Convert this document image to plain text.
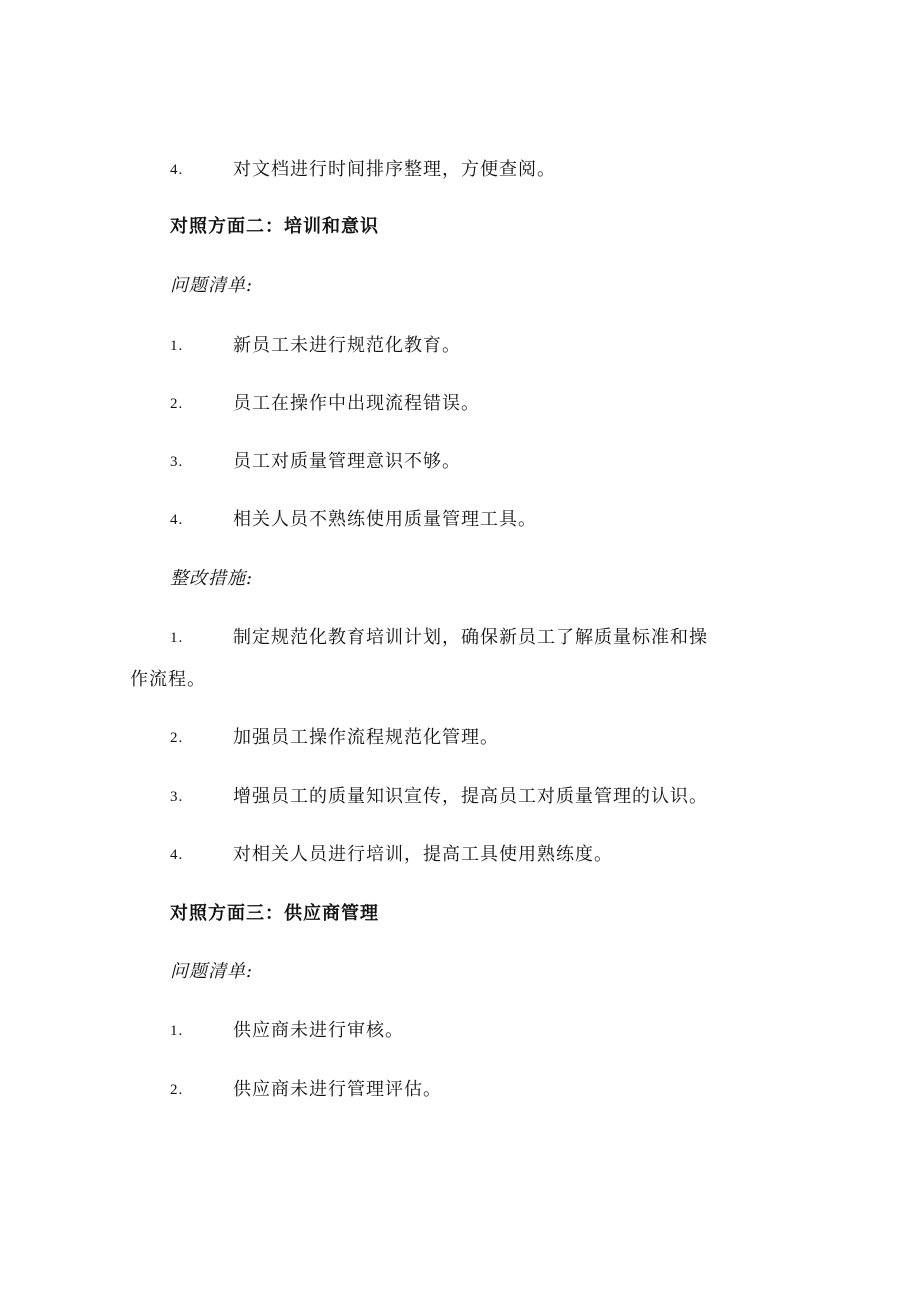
4.	对文档进行时间排序整理，方便查阅。
对照方面二：培训和意识
问题清单:
1.	新员工未进行规范化教育。
2.	员工在操作中出现流程错误。
3.	员工对质量管理意识不够。
4.	相关人员不熟练使用质量管理工具。
整改措施:
1.	制定规范化教育培训计划，确保新员工了解质量标准和操
作流程。
2.	加强员工操作流程规范化管理。
3.	增强员工的质量知识宣传，提高员工对质量管理的认识。
4.	对相关人员进行培训，提高工具使用熟练度。
对照方面三：供应商管理
问题清单:
1.	供应商未进行审核。
2.	供应商未进行管理评估。
